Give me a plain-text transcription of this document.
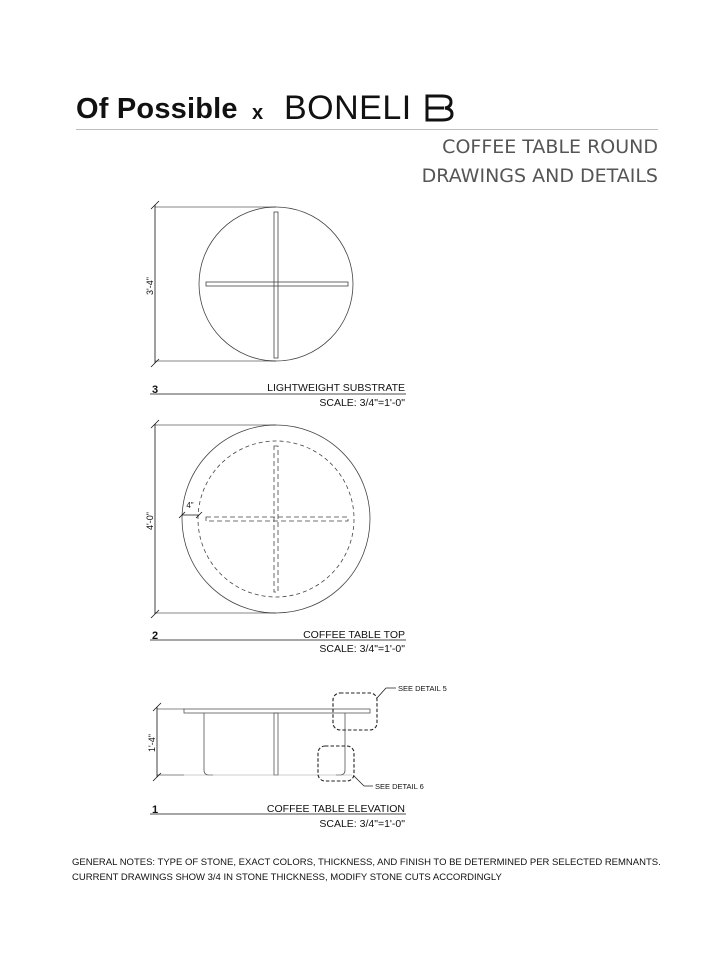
Of Possible x BONELI
COFFEE TABLE ROUND
DRAWINGS AND DETAILS
3'-4"
3	LIGHTWEIGHT SUBSTRATE
SCALE: 3/4"=1'-0"
4"
4'-0"
2	COFFEE TABLE TOP
SCALE: 3/4"=1'-0"
SEE DETAIL 5
SEE DETAIL 6
1'-4"
1	COFFEE TABLE ELEVATION
SCALE: 3/4"=1'-0"
GENERAL NOTES: TYPE OF STONE, EXACT COLORS, THICKNESS, AND FINISH TO BE DETERMINED PER SELECTED REMNANTS.
CURRENT DRAWINGS SHOW 3/4 IN STONE THICKNESS, MODIFY STONE CUTS ACCORDINGLY
